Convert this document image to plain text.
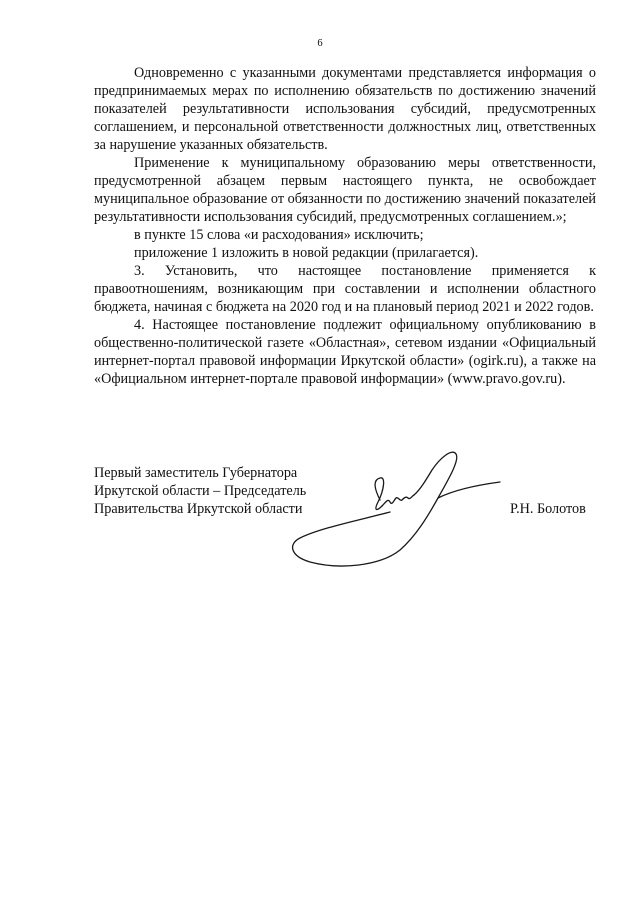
6

Одновременно с указанными документами представляется информация о предпринимаемых мерах по исполнению обязательств по достижению значений показателей результативности использования субсидий, предусмотренных соглашением, и персональной ответственности должностных лиц, ответственных за нарушение указанных обязательств.

Применение к муниципальному образованию меры ответственности, предусмотренной абзацем первым настоящего пункта, не освобождает муниципальное образование от обязанности по достижению значений показателей результативности использования субсидий, предусмотренных соглашением.»;

в пункте 15 слова «и расходования» исключить;

приложение 1 изложить в новой редакции (прилагается).

3. Установить, что настоящее постановление применяется к правоотношениям, возникающим при составлении и исполнении областного бюджета, начиная с бюджета на 2020 год и на плановый период 2021 и 2022 годов.

4. Настоящее постановление подлежит официальному опубликованию в общественно-политической газете «Областная», сетевом издании «Официальный интернет-портал правовой информации Иркутской области» (ogirk.ru), а также на «Официальном интернет-портале правовой информации» (www.pravo.gov.ru).

Первый заместитель Губернатора
Иркутской области – Председатель
Правительства Иркутской области	Р.Н. Болотов
